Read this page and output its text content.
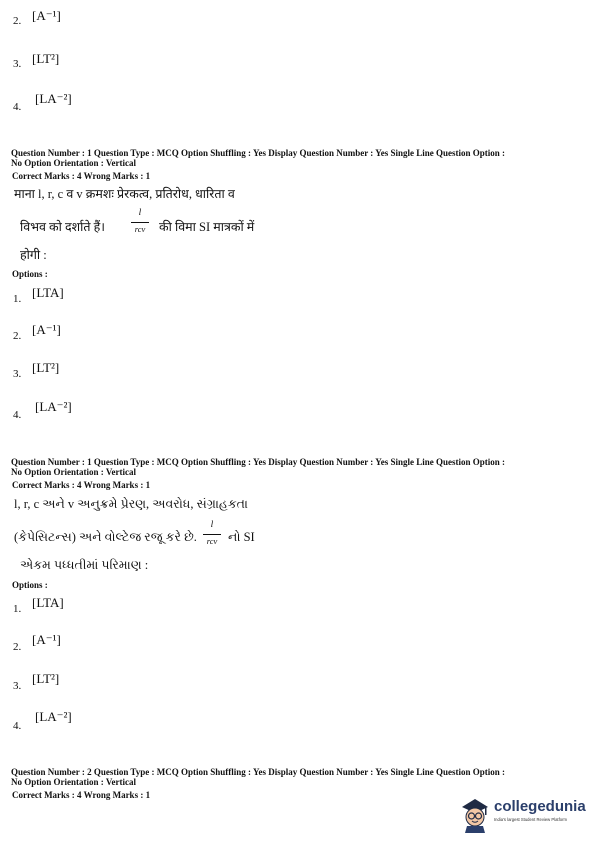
2. [A⁻¹]
3. [LT²]
4.
[LA⁻²]
Question Number : 1 Question Type : MCQ Option Shuffling : Yes Display Question Number : Yes Single Line Question Option :
No Option Orientation : Vertical
Correct Marks : 4 Wrong Marks : 1
माना l, r, c व v क्रमशः प्रेरकत्व, प्रतिरोध, धारिता व
विभव को दर्शाते हैं।
l
rcv	की विमा SI मात्रकों में
होगी :
Options :
1. [LTA]
2. [A⁻¹]
3. [LT²]
4.
[LA⁻²]
Question Number : 1 Question Type : MCQ Option Shuffling : Yes Display Question Number : Yes Single Line Question Option :
No Option Orientation : Vertical
Correct Marks : 4 Wrong Marks : 1
l, r, c અને v અનુક્રમે પ્રેરણ, અવરોધ, સંગ્રાહકતા
(કેપેસિટન્સ) અને વોલ્ટેજ રજૂ કરે છે.
l
rcv નો SI
એકમ પધ્ધતીમાં પરિમાણ :
Options :
1. [LTA]
2. [A⁻¹]
3. [LT²]
4.
[LA⁻²]
Question Number : 2 Question Type : MCQ Option Shuffling : Yes Display Question Number : Yes Single Line Question Option :
No Option Orientation : Vertical
Correct Marks : 4 Wrong Marks : 1
collegedunia
India's largest Student Review Platform
